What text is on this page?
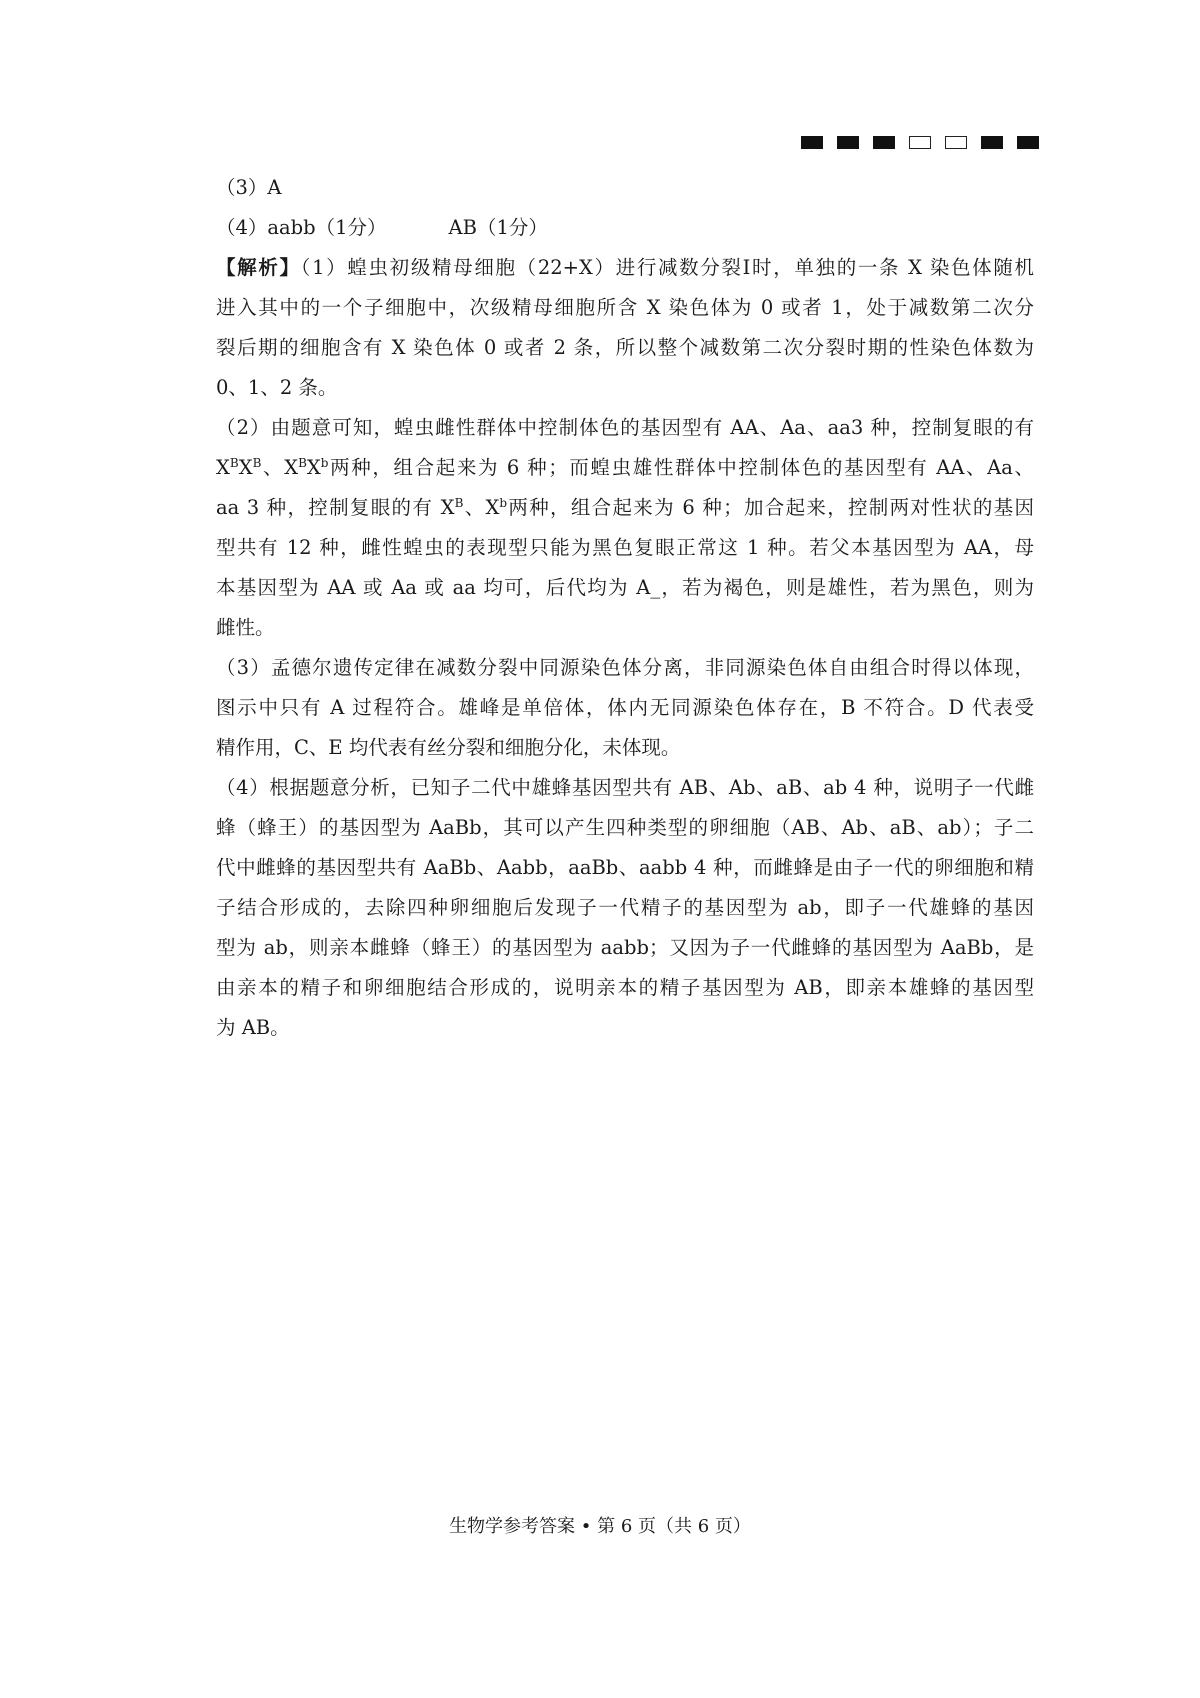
（3）A
（4）aabb（1分）	AB（1分）
【解析】（1）蝗虫初级精母细胞（22+X）进行减数分裂Ⅰ时，单独的一条 X 染色体随机
进入其中的一个子细胞中，次级精母细胞所含 X 染色体为 0 或者 1，处于减数第二次分
裂后期的细胞含有 X 染色体 0 或者 2 条，所以整个减数第二次分裂时期的性染色体数为
0、1、2 条。
（2）由题意可知，蝗虫雌性群体中控制体色的基因型有 AA、Aa、aa3 种，控制复眼的有
$X^BX^B$、$X^BX^b$两种，组合起来为 6 种；而蝗虫雄性群体中控制体色的基因型有 AA、Aa、
aa 3 种，控制复眼的有 $X^B$、$X^b$两种，组合起来为 6 种；加合起来，控制两对性状的基因
型共有 12 种，雌性蝗虫的表现型只能为黑色复眼正常这 1 种。若父本基因型为 AA，母
本基因型为 AA 或 Aa 或 aa 均可，后代均为 A_，若为褐色，则是雄性，若为黑色，则为
雌性。
（3）孟德尔遗传定律在减数分裂中同源染色体分离，非同源染色体自由组合时得以体现，
图示中只有 A 过程符合。雄峰是单倍体，体内无同源染色体存在，B 不符合。D 代表受
精作用，C、E 均代表有丝分裂和细胞分化，未体现。
（4）根据题意分析，已知子二代中雄蜂基因型共有 AB、Ab、aB、ab 4 种，说明子一代雌
蜂（蜂王）的基因型为 AaBb，其可以产生四种类型的卵细胞（AB、Ab、aB、ab）；子二
代中雌蜂的基因型共有 AaBb、Aabb，aaBb、aabb 4 种，而雌蜂是由子一代的卵细胞和精
子结合形成的，去除四种卵细胞后发现子一代精子的基因型为 ab，即子一代雄蜂的基因
型为 ab，则亲本雌蜂（蜂王）的基因型为 aabb；又因为子一代雌蜂的基因型为 AaBb，是
由亲本的精子和卵细胞结合形成的，说明亲本的精子基因型为 AB，即亲本雄蜂的基因型
为 AB。
生物学参考答案 • 第 6 页（共 6 页）
